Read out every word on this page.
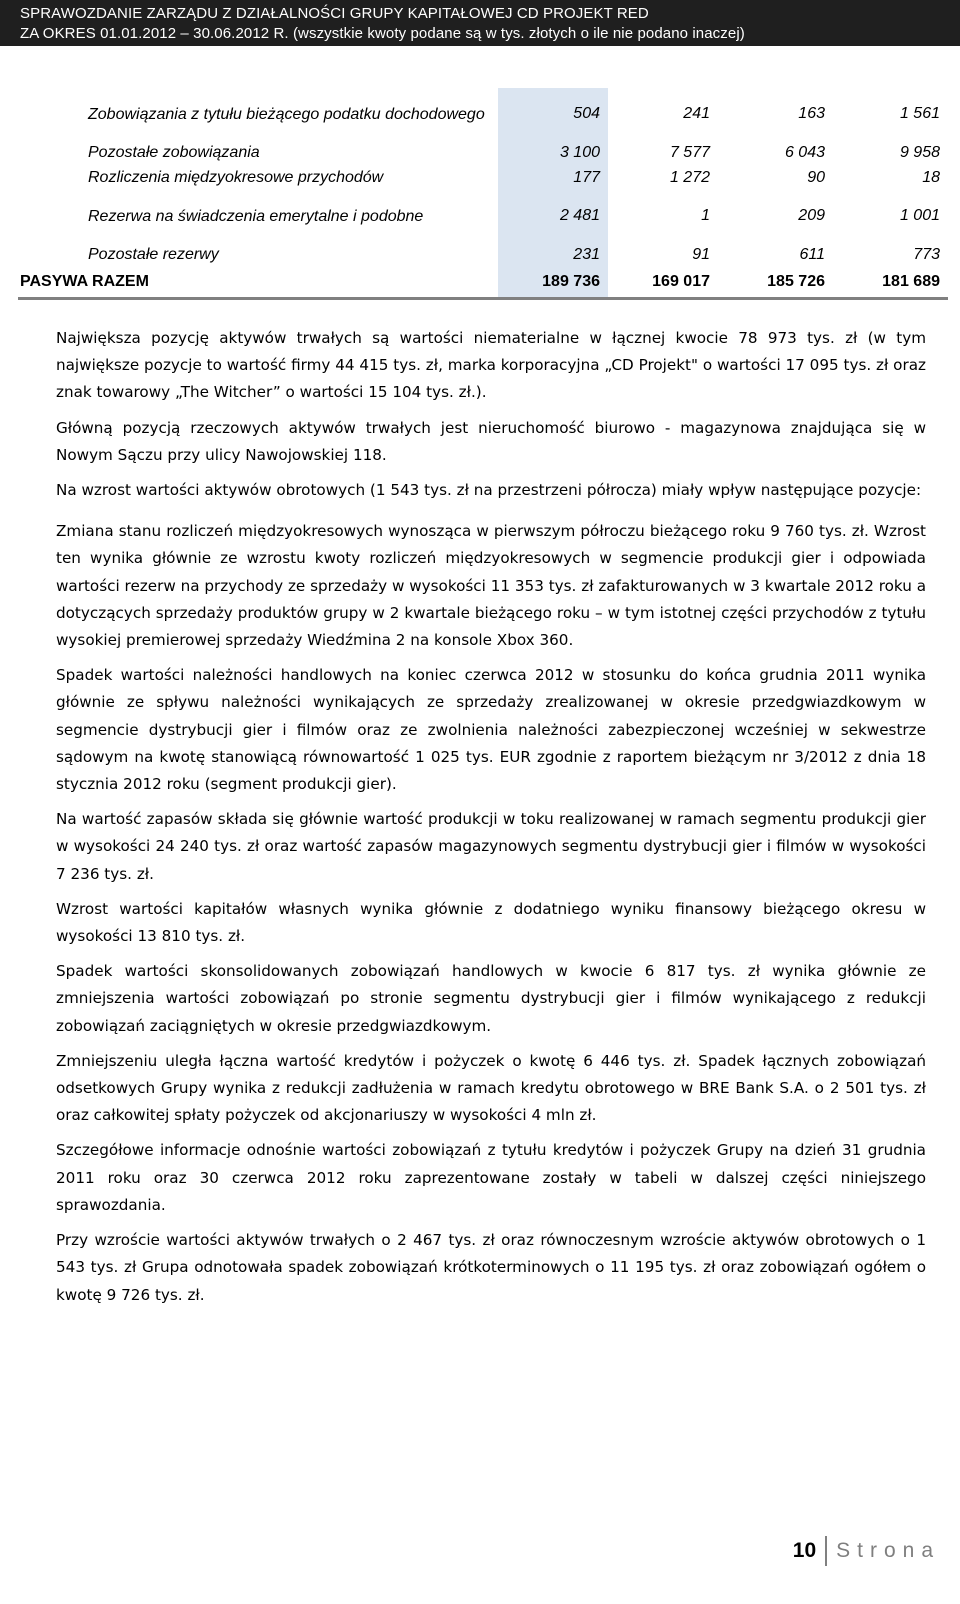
SPRAWOZDANIE ZARZĄDU Z DZIAŁALNOŚCI GRUPY KAPITAŁOWEJ CD PROJEKT RED
ZA OKRES 01.01.2012 – 30.06.2012 R. (wszystkie kwoty podane są w tys. złotych o ile nie podano inaczej)
Zobowiązania z tytułu bieżącego podatku dochodowego	504	241	163	1 561
Pozostałe zobowiązania	3 100	7 577	6 043	9 958
Rozliczenia międzyokresowe przychodów	177	1 272	90	18
Rezerwa na świadczenia emerytalne i podobne	2 481	1	209	1 001
Pozostałe rezerwy	231	91	611	773
PASYWA RAZEM	189 736	169 017	185 726	181 689

Największa pozycję aktywów trwałych są wartości niematerialne w łącznej kwocie 78 973 tys. zł (w tym największe pozycje to wartość firmy 44 415 tys. zł, marka korporacyjna „CD Projekt" o wartości 17 095 tys. zł oraz znak towarowy „The Witcher” o wartości 15 104 tys. zł.).

Główną pozycją rzeczowych aktywów trwałych jest nieruchomość biurowo - magazynowa znajdująca się w Nowym Sączu przy ulicy Nawojowskiej 118.

Na wzrost wartości aktywów obrotowych (1 543 tys. zł na przestrzeni półrocza) miały wpływ następujące pozycje:

Zmiana stanu rozliczeń międzyokresowych wynosząca w pierwszym półroczu bieżącego roku 9 760 tys. zł. Wzrost ten wynika głównie ze wzrostu kwoty rozliczeń międzyokresowych w segmencie produkcji gier i odpowiada wartości rezerw na przychody ze sprzedaży w wysokości 11 353 tys. zł zafakturowanych w 3 kwartale 2012 roku a dotyczących sprzedaży produktów grupy w 2 kwartale bieżącego roku – w tym istotnej części przychodów z tytułu wysokiej premierowej sprzedaży Wiedźmina 2 na konsole Xbox 360.

Spadek wartości należności handlowych na koniec czerwca 2012 w stosunku do końca grudnia 2011 wynika głównie ze spływu należności wynikających ze sprzedaży zrealizowanej w okresie przedgwiazdkowym w segmencie dystrybucji gier i filmów oraz ze zwolnienia należności zabezpieczonej wcześniej w sekwestrze sądowym na kwotę stanowiącą równowartość 1 025 tys. EUR zgodnie z raportem bieżącym nr 3/2012 z dnia 18 stycznia 2012 roku (segment produkcji gier).

Na wartość zapasów składa się głównie wartość produkcji w toku realizowanej w ramach segmentu produkcji gier w wysokości 24 240 tys. zł oraz wartość zapasów magazynowych segmentu dystrybucji gier i filmów w wysokości 7 236 tys. zł.

Wzrost wartości kapitałów własnych wynika głównie z dodatniego wyniku finansowy bieżącego okresu w wysokości 13 810 tys. zł.

Spadek wartości skonsolidowanych zobowiązań handlowych w kwocie 6 817 tys. zł wynika głównie ze zmniejszenia wartości zobowiązań po stronie segmentu dystrybucji gier i filmów wynikającego z redukcji zobowiązań zaciągniętych w okresie przedgwiazdkowym.

Zmniejszeniu uległa łączna wartość kredytów i pożyczek o kwotę 6 446 tys. zł. Spadek łącznych zobowiązań odsetkowych Grupy wynika z redukcji zadłużenia w ramach kredytu obrotowego w BRE Bank S.A. o 2 501 tys. zł oraz całkowitej spłaty pożyczek od akcjonariuszy w wysokości 4 mln zł.

Szczegółowe informacje odnośnie wartości zobowiązań z tytułu kredytów i pożyczek Grupy na dzień 31 grudnia 2011 roku oraz 30 czerwca 2012 roku zaprezentowane zostały w tabeli w dalszej części niniejszego sprawozdania.

Przy wzroście wartości aktywów trwałych o 2 467 tys. zł oraz równoczesnym wzroście aktywów obrotowych o 1 543 tys. zł Grupa odnotowała spadek zobowiązań krótkoterminowych o 11 195 tys. zł oraz zobowiązań ogółem o kwotę 9 726 tys. zł.

10 Strona
